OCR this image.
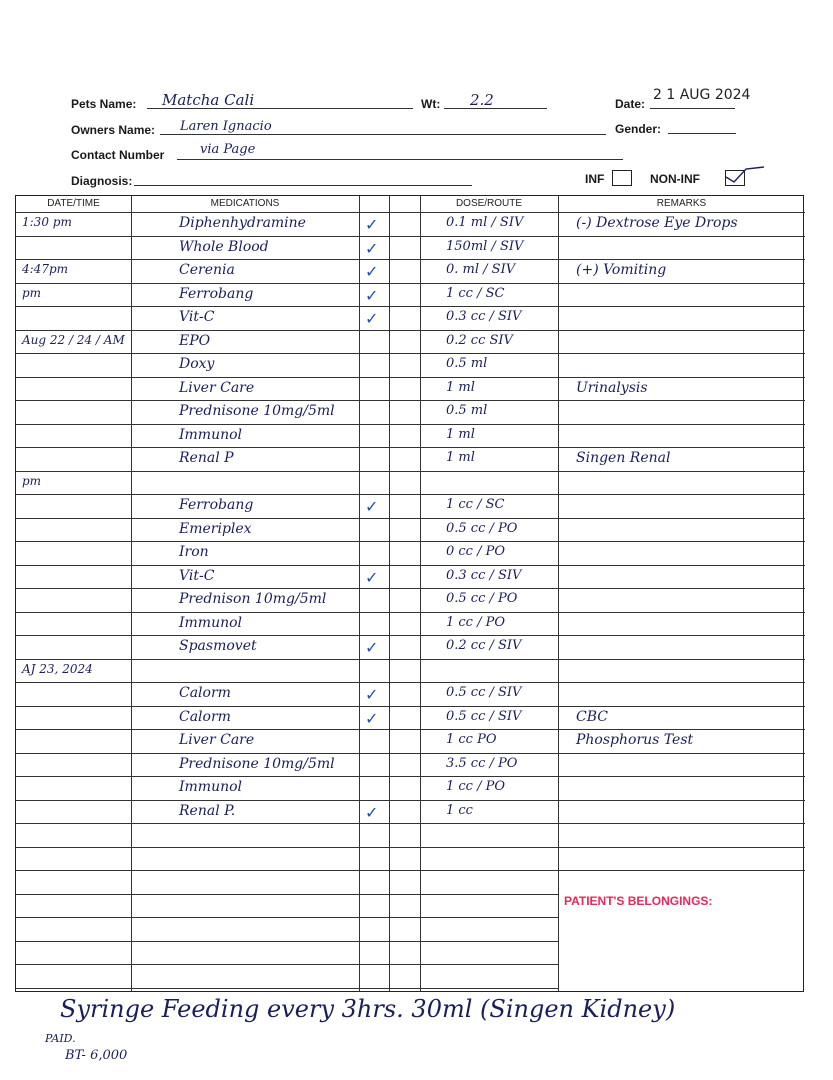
Pets Name: Matcha Cali	Wt: 2.2	Date:
2 1 AUG 2024
Owners Name: Laren Ignacio	Gender:
Contact Number	via Page
Diagnosis:	INF	NON-INF
DATE/TIME	MEDICATIONS	DOSE/ROUTE	REMARKS
1:30 pm	Diphenhydramine	✓	0.1 ml / SIV	(-) Dextrose Eye Drops
Whole Blood	✓	150ml / SIV
4:47pm	Cerenia	✓	0. ml / SIV	(+) Vomiting
pm	Ferrobang	✓	1 cc / SC
Vit-C	✓	0.3 cc / SIV
Aug 22 / 24 / AM	EPO	0.2 cc SIV
Doxy	0.5 ml
Liver Care	1 ml	Urinalysis
Prednisone 10mg/5ml	0.5 ml
Immunol	1 ml
Renal P	1 ml	Singen Renal
pm
Ferrobang	✓	1 cc / SC
Emeriplex	0.5 cc / PO
Iron	0 cc / PO
Vit-C	✓	0.3 cc / SIV
Prednison 10mg/5ml	0.5 cc / PO
Immunol	1 cc / PO
Spasmovet	✓	0.2 cc / SIV
AJ 23, 2024
Calorm	✓	0.5 cc / SIV
Calorm	✓	0.5 cc / SIV	CBC
Liver Care	1 cc PO	Phosphorus Test
Prednisone 10mg/5ml	3.5 cc / PO
Immunol	1 cc / PO
Renal P.	✓	1 cc
PATIENT'S BELONGINGS:
Syringe Feeding every 3hrs. 30ml (Singen Kidney)
PAID.
BT- 6,000
